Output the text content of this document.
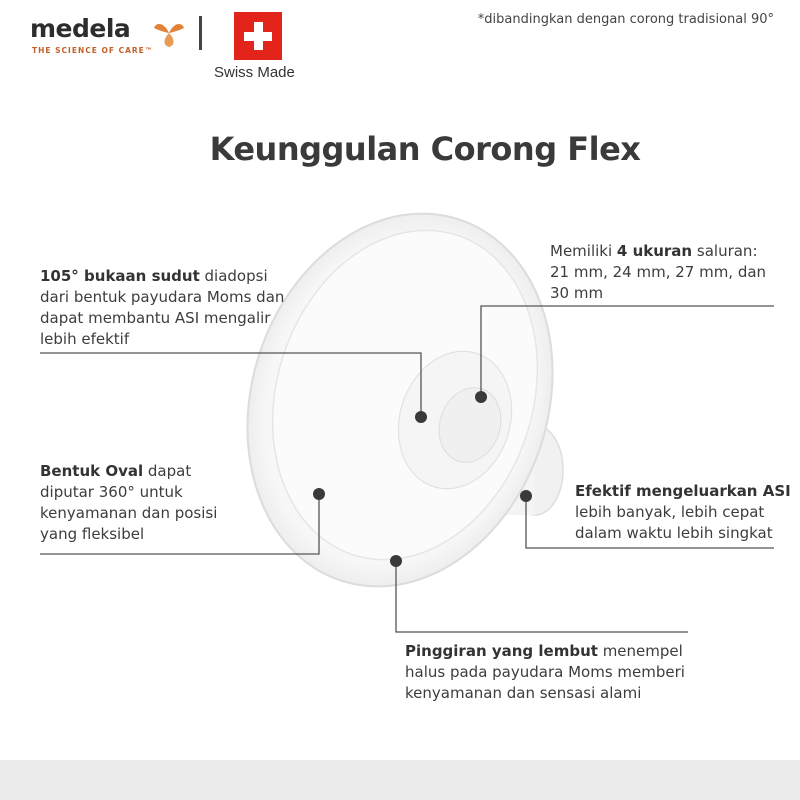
medela
THE SCIENCE OF CARE™
Swiss Made
Keunggulan Corong Flex
105° bukaan sudut diadopsi dari bentuk payudara Moms dan dapat membantu ASI mengalir lebih efektif
Memiliki 4 ukuran saluran: 21 mm, 24 mm, 27 mm, dan 30 mm
Bentuk Oval dapat diputar 360° untuk kenyamanan dan posisi yang fleksibel
Efektif mengeluarkan ASI
lebih banyak, lebih cepat dalam waktu lebih singkat
Pinggiran yang lembut menempel halus pada payudara Moms memberi kenyamanan dan sensasi alami
*dibandingkan dengan corong tradisional 90°
